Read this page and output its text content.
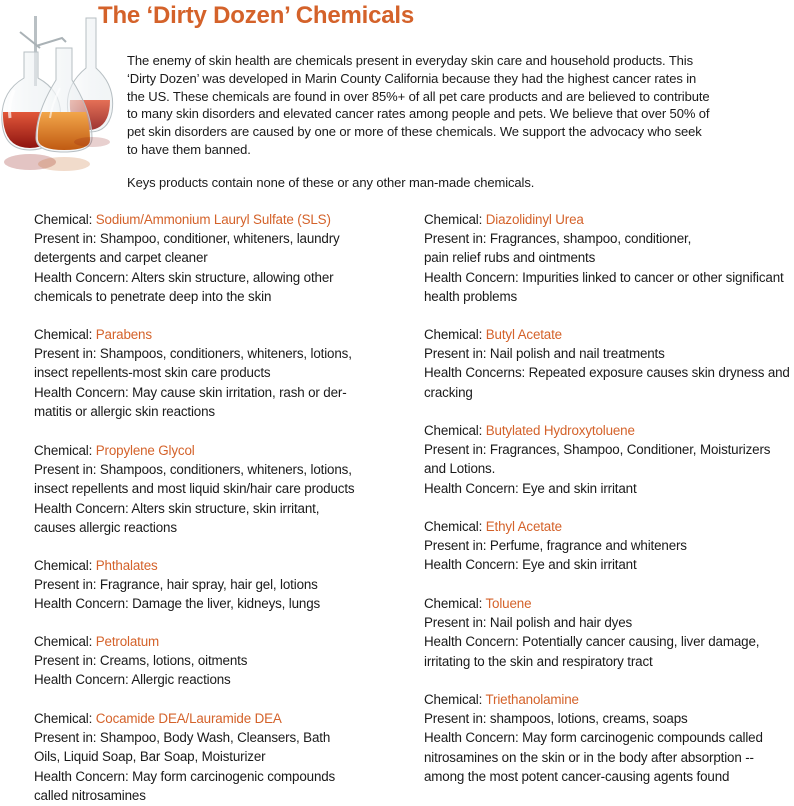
The ‘Dirty Dozen’ Chemicals
The enemy of skin health are chemicals present in everyday skin care and household products. This
‘Dirty Dozen’ was developed in Marin County California because they had the highest cancer rates in
the US. These chemicals are found in over 85%+ of all pet care products and are believed to contribute
to many skin disorders and elevated cancer rates among people and pets. We believe that over 50% of
pet skin disorders are caused by one or more of these chemicals. We support the advocacy who seek
to have them banned.
Keys products contain none of these or any other man-made chemicals.
Chemical: Sodium/Ammonium Lauryl Sulfate (SLS)
Present in: Shampoo, conditioner, whiteners, laundry
detergents and carpet cleaner
Health Concern: Alters skin structure, allowing other
chemicals to penetrate deep into the skin
Chemical: Parabens
Present in: Shampoos, conditioners, whiteners, lotions,
insect repellents-most skin care products
Health Concern: May cause skin irritation, rash or der-
matitis or allergic skin reactions
Chemical: Propylene Glycol
Present in: Shampoos, conditioners, whiteners, lotions,
insect repellents and most liquid skin/hair care products
Health Concern: Alters skin structure, skin irritant,
causes allergic reactions
Chemical: Phthalates
Present in: Fragrance, hair spray, hair gel, lotions
Health Concern: Damage the liver, kidneys, lungs
Chemical: Petrolatum
Present in: Creams, lotions, oitments
Health Concern: Allergic reactions
Chemical: Cocamide DEA/Lauramide DEA
Present in: Shampoo, Body Wash, Cleansers, Bath
Oils, Liquid Soap, Bar Soap, Moisturizer
Health Concern: May form carcinogenic compounds
called nitrosamines
Chemical: Diazolidinyl Urea
Present in: Fragrances, shampoo, conditioner,
pain relief rubs and ointments
Health Concern: Impurities linked to cancer or other significant
health problems
Chemical: Butyl Acetate
Present in: Nail polish and nail treatments
Health Concerns: Repeated exposure causes skin dryness and
cracking
Chemical: Butylated Hydroxytoluene
Present in: Fragrances, Shampoo, Conditioner, Moisturizers
and Lotions.
Health Concern: Eye and skin irritant
Chemical: Ethyl Acetate
Present in: Perfume, fragrance and whiteners
Health Concern: Eye and skin irritant
Chemical: Toluene
Present in: Nail polish and hair dyes
Health Concern: Potentially cancer causing, liver damage,
irritating to the skin and respiratory tract
Chemical: Triethanolamine
Present in: shampoos, lotions, creams, soaps
Health Concern: May form carcinogenic compounds called
nitrosamines on the skin or in the body after absorption --
among the most potent cancer-causing agents found
